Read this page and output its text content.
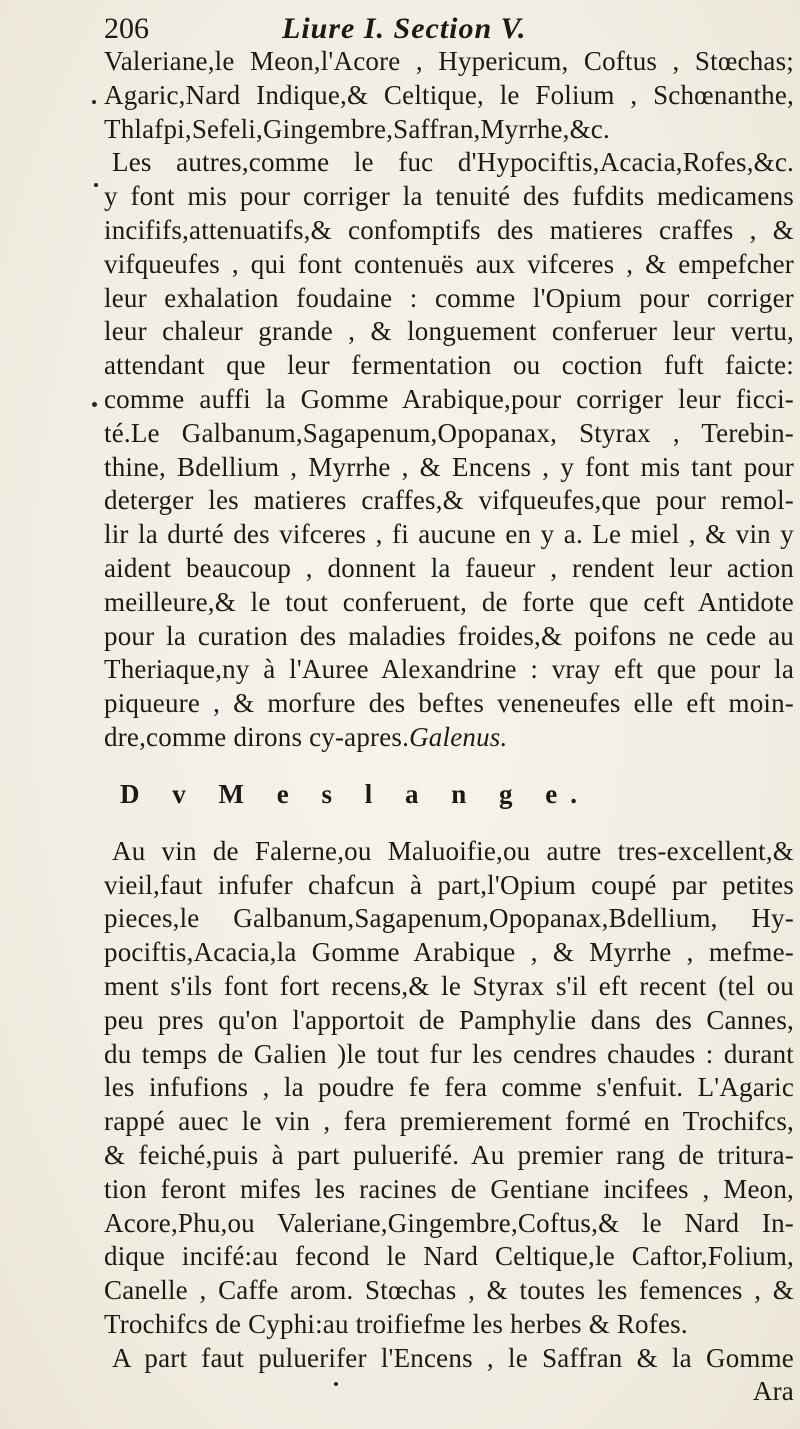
206	Liure I. Section V.
Valeriane,le Meon,l'Acore , Hypericum, Coftus , Stœchas;
Agaric,Nard Indique,& Celtique, le Folium , Schœnanthe,
Thlafpi,Sefeli,Gingembre,Saffran,Myrrhe,&c.
Les autres,comme le fuc d'Hypociftis,Acacia,Rofes,&c.
y font mis pour corriger la tenuité des fufdits medicamens
incififs,attenuatifs,& confomptifs des matieres craffes , &
vifqueufes , qui font contenuës aux vifceres , & empefcher
leur exhalation foudaine : comme l'Opium pour corriger
leur chaleur grande , & longuement conferuer leur vertu,
attendant que leur fermentation ou coction fuft faicte:
comme auffi la Gomme Arabique,pour corriger leur ficci-
té.Le Galbanum,Sagapenum,Opopanax, Styrax , Terebin-
thine, Bdellium , Myrrhe , & Encens , y font mis tant pour
deterger les matieres craffes,& vifqueufes,que pour remol-
lir la durté des vifceres , fi aucune en y a. Le miel , & vin y
aident beaucoup , donnent la faueur , rendent leur action
meilleure,& le tout conferuent, de forte que ceft Antidote
pour la curation des maladies froides,& poifons ne cede au
Theriaque,ny à l'Auree Alexandrine : vray eft que pour la
piqueure , & morfure des beftes veneneufes elle eft moin-
dre,comme dirons cy-apres.Galenus.
D v M e s l a n g e.
Au vin de Falerne,ou Maluoifie,ou autre tres-excellent,&
vieil,faut infufer chafcun à part,l'Opium coupé par petites
pieces,le Galbanum,Sagapenum,Opopanax,Bdellium, Hy-
pociftis,Acacia,la Gomme Arabique , & Myrrhe , mefme-
ment s'ils font fort recens,& le Styrax s'il eft recent (tel ou
peu pres qu'on l'apportoit de Pamphylie dans des Cannes,
du temps de Galien )le tout fur les cendres chaudes : durant
les infufions , la poudre fe fera comme s'enfuit. L'Agaric
rappé auec le vin , fera premierement formé en Trochifcs,
& feiché,puis à part puluerifé. Au premier rang de tritura-
tion feront mifes les racines de Gentiane incifees , Meon,
Acore,Phu,ou Valeriane,Gingembre,Coftus,& le Nard In-
dique incifé:au fecond le Nard Celtique,le Caftor,Folium,
Canelle , Caffe arom. Stœchas , & toutes les femences , &
Trochifcs de Cyphi:au troifiefme les herbes & Rofes.
A part faut puluerifer l'Encens , le Saffran & la Gomme
Ara
